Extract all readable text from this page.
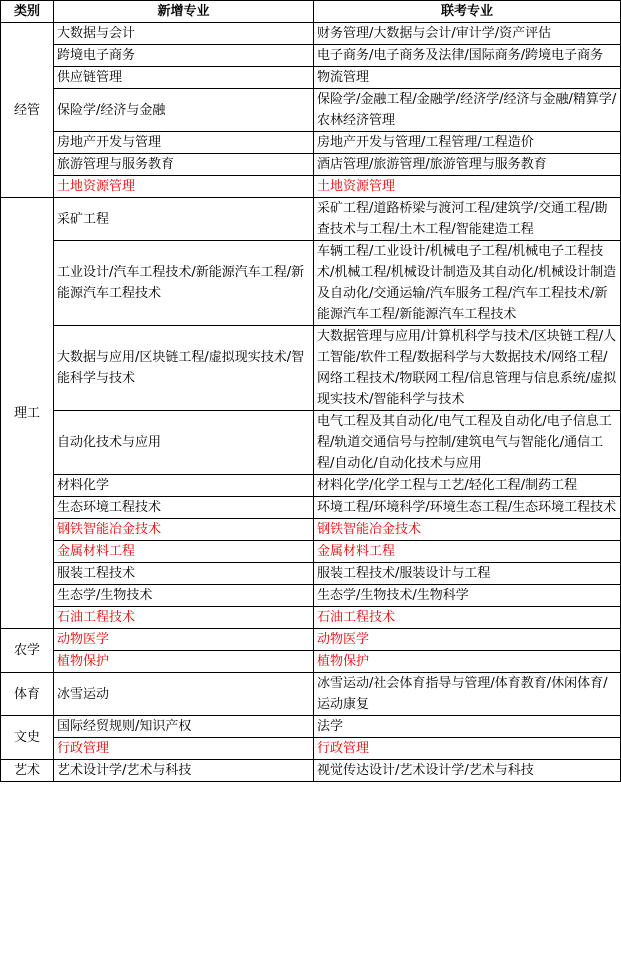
类别	新增专业	联考专业
经管	大数据与会计	财务管理/大数据与会计/审计学/资产评估
	跨境电子商务	电子商务/电子商务及法律/国际商务/跨境电子商务
	供应链管理	物流管理
	保险学/经济与金融	保险学/金融工程/金融学/经济学/经济与金融/精算学/农林经济管理
	房地产开发与管理	房地产开发与管理/工程管理/工程造价
	旅游管理与服务教育	酒店管理/旅游管理/旅游管理与服务教育
	土地资源管理	土地资源管理
理工	采矿工程	采矿工程/道路桥梁与渡河工程/建筑学/交通工程/勘查技术与工程/土木工程/智能建造工程
	工业设计/汽车工程技术/新能源汽车工程/新能源汽车工程技术	车辆工程/工业设计/机械电子工程/机械电子工程技术/机械工程/机械设计制造及其自动化/机械设计制造及自动化/交通运输/汽车服务工程/汽车工程技术/新能源汽车工程/新能源汽车工程技术
	大数据与应用/区块链工程/虚拟现实技术/智能科学与技术	大数据管理与应用/计算机科学与技术/区块链工程/人工智能/软件工程/数据科学与大数据技术/网络工程/网络工程技术/物联网工程/信息管理与信息系统/虚拟现实技术/智能科学与技术
	自动化技术与应用	电气工程及其自动化/电气工程及自动化/电子信息工程/轨道交通信号与控制/建筑电气与智能化/通信工程/自动化/自动化技术与应用
	材料化学	材料化学/化学工程与工艺/轻化工程/制药工程
	生态环境工程技术	环境工程/环境科学/环境生态工程/生态环境工程技术
	钢铁智能冶金技术	钢铁智能冶金技术
	金属材料工程	金属材料工程
	服装工程技术	服装工程技术/服装设计与工程
	生态学/生物技术	生态学/生物技术/生物科学
	石油工程技术	石油工程技术
农学	动物医学	动物医学
	植物保护	植物保护
体育	冰雪运动	冰雪运动/社会体育指导与管理/体育教育/休闲体育/运动康复
文史	国际经贸规则/知识产权	法学
	行政管理	行政管理
艺术	艺术设计学/艺术与科技	视觉传达设计/艺术设计学/艺术与科技
